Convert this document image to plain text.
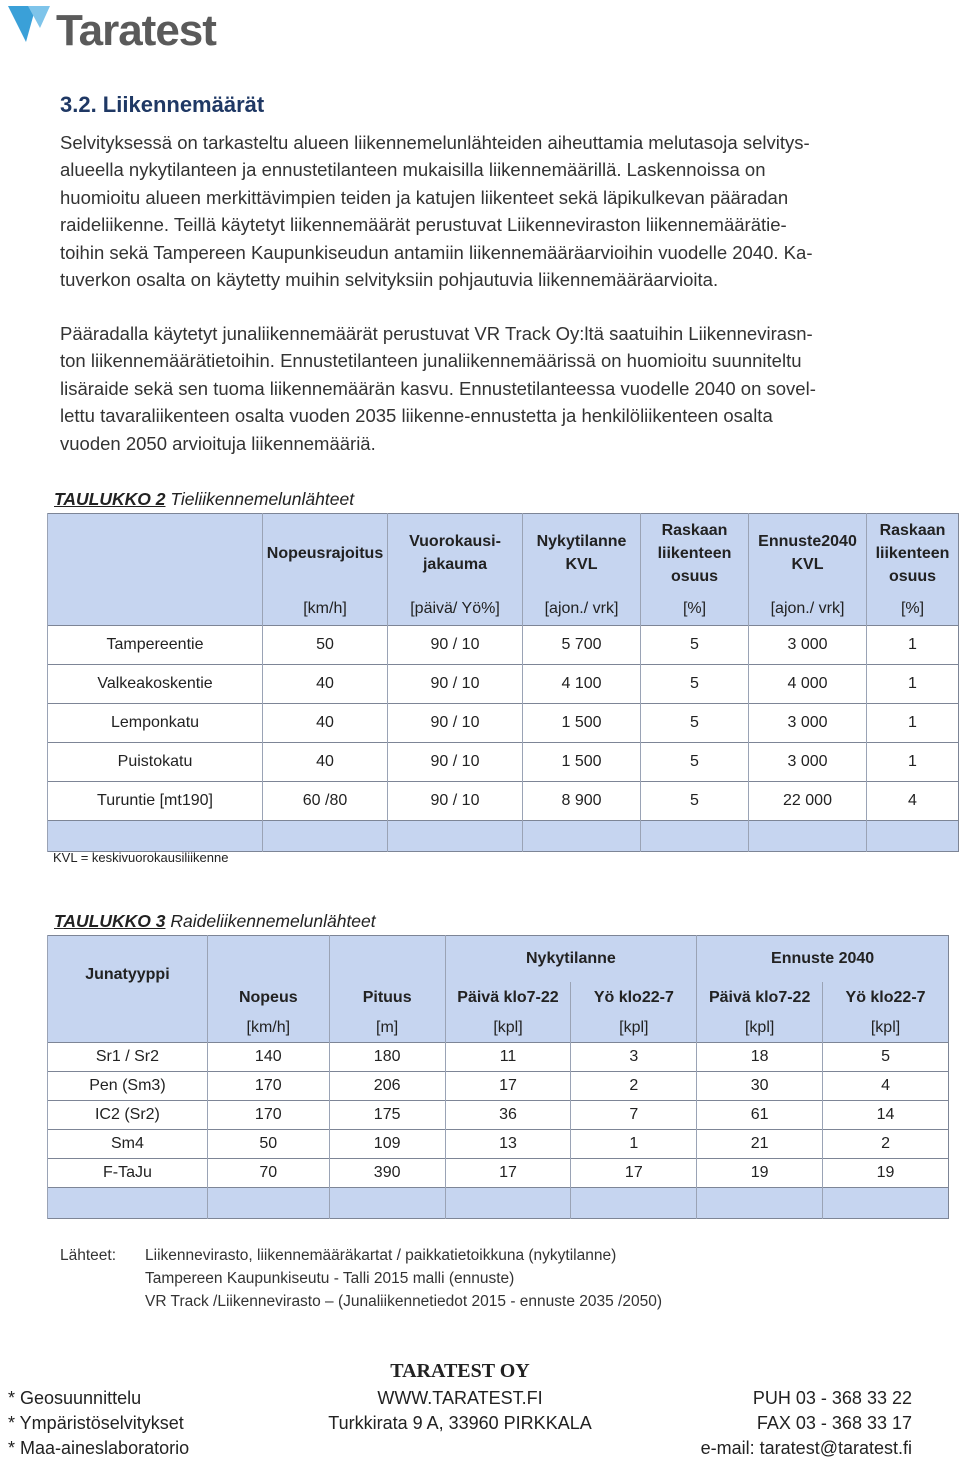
Taratest
3.2. Liikennemäärät
Selvityksessä on tarkasteltu alueen liikennemelunlähteiden aiheuttamia melutasoja selvitys-
alueella nykytilanteen ja ennustetilanteen mukaisilla liikennemäärillä. Laskennoissa on
huomioitu alueen merkittävimpien teiden ja katujen liikenteet sekä läpikulkevan pääradan
raideliikenne. Teillä käytetyt liikennemäärät perustuvat Liikenneviraston liikennemäärätie-
toihin sekä Tampereen Kaupunkiseudun antamiin liikennemääräarvioihin vuodelle 2040. Ka-
tuverkon osalta on käytetty muihin selvityksiin pohjautuvia liikennemääräarvioita.
Pääradalla käytetyt junaliikennemäärät perustuvat VR Track Oy:ltä saatuihin Liikennevirasn-
ton liikennemäärätietoihin. Ennustetilanteen junaliikennemäärissä on huomioitu suunniteltu
lisäraide sekä sen tuoma liikennemäärän kasvu. Ennustetilanteessa vuodelle 2040 on sovel-
lettu tavaraliikenteen osalta vuoden 2035 liikenne-ennustetta ja henkilöliikenteen osalta
vuoden 2050 arvioituja liikennemääriä.
TAULUKKO 2 Tieliikennemelunlähteet
	Nopeusrajoitus	Vuorokausi-
jakauma	Nykytilanne
KVL	Raskaan
liikenteen
osuus	Ennuste2040
KVL	Raskaan
liikenteen
osuus
	[km/h]	[päivä/ Yö%]	[ajon./ vrk]	[%]	[ajon./ vrk]	[%]
Tampereentie	50	90 / 10	5 700	5	3 000	1
Valkeakoskentie	40	90 / 10	4 100	5	4 000	1
Lemponkatu	40	90 / 10	1 500	5	3 000	1
Puistokatu	40	90 / 10	1 500	5	3 000	1
Turuntie [mt190]	60 /80	90 / 10	8 900	5	22 000	4

KVL = keskivuorokausiliikenne
TAULUKKO 3 Raideliikennemelunlähteet
Junatyyppi			Nykytilanne		Ennuste 2040	
	Nopeus	Pituus	Päivä klo7-22	Yö klo22-7	Päivä klo7-22	Yö klo22-7
	[km/h]	[m]	[kpl]	[kpl]	[kpl]	[kpl]
Sr1 / Sr2	140	180	11	3	18	5
Pen (Sm3)	170	206	17	2	30	4
IC2 (Sr2)	170	175	36	7	61	14
Sm4	50	109	13	1	21	2
F-TaJu	70	390	17	17	19	19

Lähteet: Liikennevirasto, liikennemääräkartat / paikkatietoikkuna (nykytilanne)
Tampereen Kaupunkiseutu - Talli 2015 malli (ennuste)
VR Track /Liikennevirasto – (Junaliikennetiedot 2015 - ennuste 2035 /2050)
TARATEST OY
* Geosuunnittelu
* Ympäristöselvitykset
* Maa-aineslaboratorio
WWW.TARATEST.FI
Turkkirata 9 A, 33960 PIRKKALA
PUH 03 - 368 33 22
FAX 03 - 368 33 17
e-mail: taratest@taratest.fi
